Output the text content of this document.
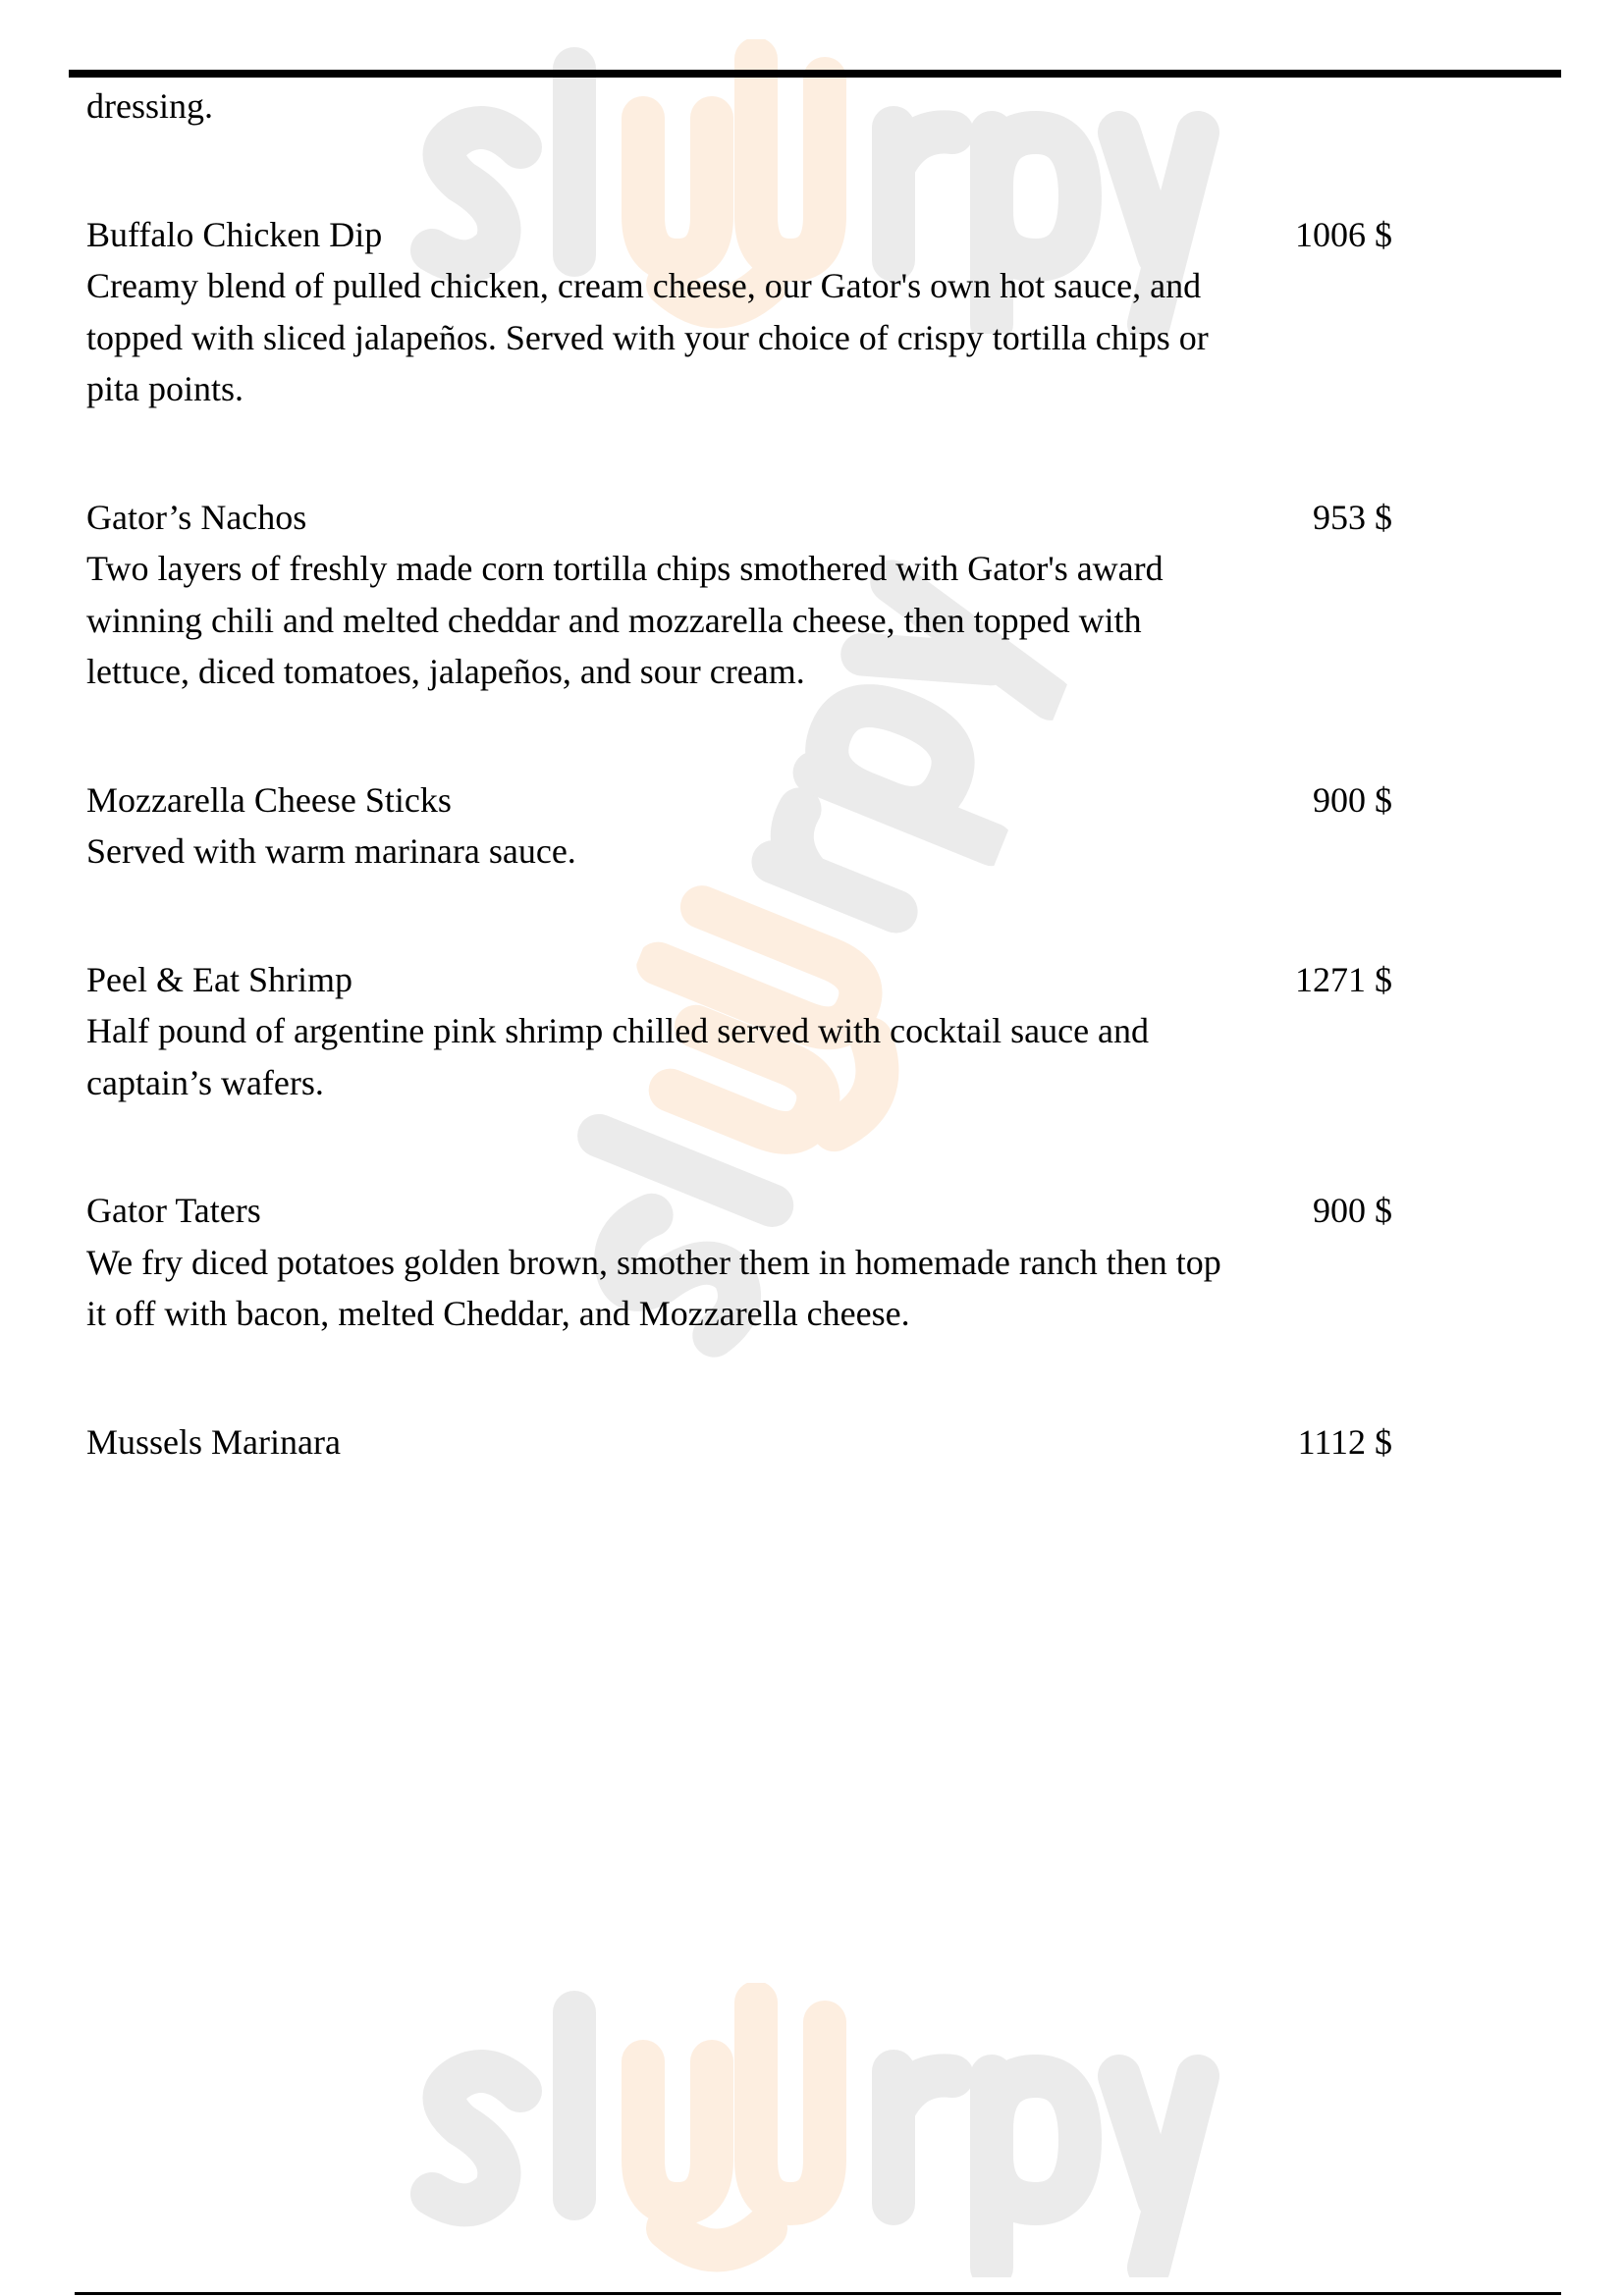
dressing.
Buffalo Chicken Dip	1006 $
Creamy blend of pulled chicken, cream cheese, our Gator's own hot sauce, and topped with sliced jalapeños. Served with your choice of crispy tortilla chips or pita points.
Gator’s Nachos	953 $
Two layers of freshly made corn tortilla chips smothered with Gator's award winning chili and melted cheddar and mozzarella cheese, then topped with lettuce, diced tomatoes, jalapeños, and sour cream.
Mozzarella Cheese Sticks	900 $
Served with warm marinara sauce.
Peel & Eat Shrimp	1271 $
Half pound of argentine pink shrimp chilled served with cocktail sauce and captain’s wafers.
Gator Taters	900 $
We fry diced potatoes golden brown, smother them in homemade ranch then top it off with bacon, melted Cheddar, and Mozzarella cheese.
Mussels Marinara	1112 $
